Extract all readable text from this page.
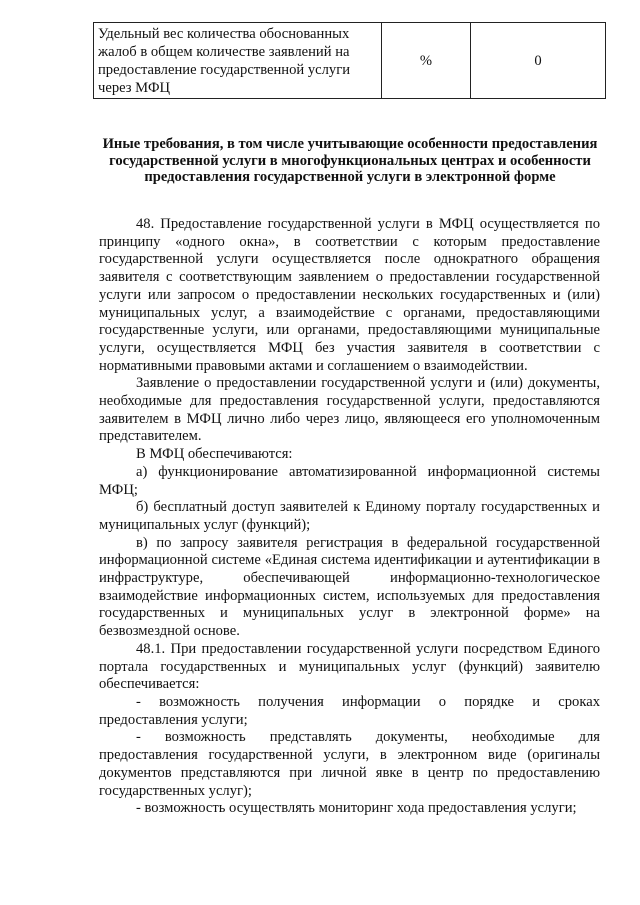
Удельный вес количества обоснованных жалоб в общем количестве заявлений на предоставление государственной услуги через МФЦ	%	0
Иные требования, в том числе учитывающие особенности предоставления государственной услуги в многофункциональных центрах и особенности предоставления государственной услуги в электронной форме

48. Предоставление государственной услуги в МФЦ осуществляется по принципу «одного окна», в соответствии с которым предоставление государственной услуги осуществляется после однократного обращения заявителя с соответствующим заявлением о предоставлении государственной услуги или запросом о предоставлении нескольких государственных и (или) муниципальных услуг, а взаимодействие с органами, предоставляющими государственные услуги, или органами, предоставляющими муниципальные услуги, осуществляется МФЦ без участия заявителя в соответствии с нормативными правовыми актами и соглашением о взаимодействии.

Заявление о предоставлении государственной услуги и (или) документы, необходимые для предоставления государственной услуги, предоставляются заявителем в МФЦ лично либо через лицо, являющееся его уполномоченным представителем.

В МФЦ обеспечиваются:

а) функционирование автоматизированной информационной системы МФЦ;

б) бесплатный доступ заявителей к Единому порталу государственных и муниципальных услуг (функций);

в) по запросу заявителя регистрация в федеральной государственной информационной системе «Единая система идентификации и аутентификации в инфраструктуре, обеспечивающей информационно-технологическое взаимодействие информационных систем, используемых для предоставления государственных и муниципальных услуг в электронной форме» на безвозмездной основе.

48.1. При предоставлении государственной услуги посредством Единого портала государственных и муниципальных услуг (функций) заявителю обеспечивается:

- возможность получения информации о порядке и сроках предоставления услуги;

- возможность представлять документы, необходимые для предоставления государственной услуги, в электронном виде (оригиналы документов представляются при личной явке в центр по предоставлению государственных услуг);

- возможность осуществлять мониторинг хода предоставления услуги;
